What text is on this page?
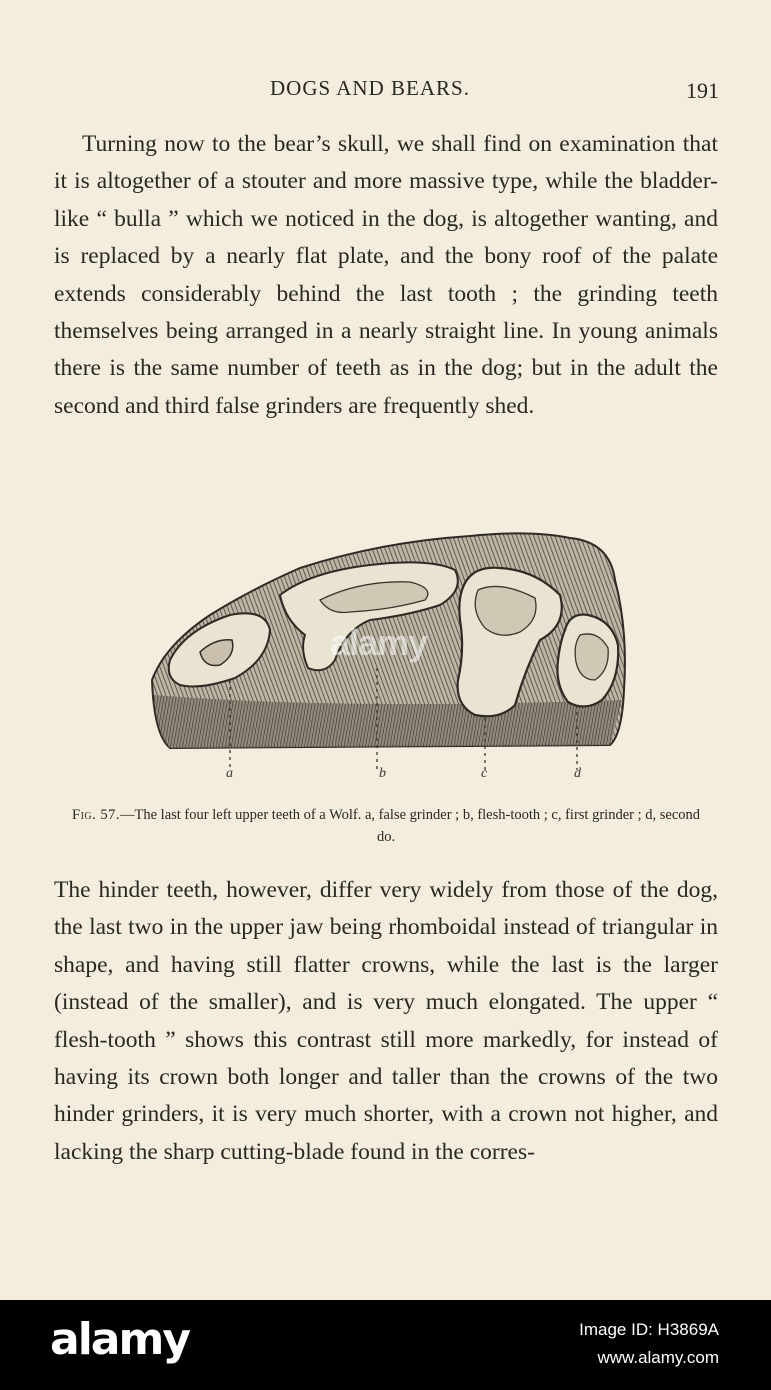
DOGS AND BEARS.	191

Turning now to the bear’s skull, we shall find on examination that it is altogether of a stouter and more massive type, while the bladder-like “ bulla ” which we noticed in the dog, is altogether wanting, and is replaced by a nearly flat plate, and the bony roof of the palate extends considerably behind the last tooth ; the grinding teeth themselves being arranged in a nearly straight line. In young animals there is the same number of teeth as in the dog; but in the adult the second and third false grinders are frequently shed.

a	b	c	d
alamy

Fig. 57.—The last four left upper teeth of a Wolf. a, false grinder ; b, flesh-tooth ; c, first grinder ; d, second do.

The hinder teeth, however, differ very widely from those of the dog, the last two in the upper jaw being rhomboidal instead of triangular in shape, and having still flatter crowns, while the last is the larger (instead of the smaller), and is very much elongated. The upper “ flesh-tooth ” shows this contrast still more markedly, for instead of having its crown both longer and taller than the crowns of the two hinder grinders, it is very much shorter, with a crown not higher, and lacking the sharp cutting-blade found in the corres-

alamy	Image ID: H3869A
www.alamy.com
